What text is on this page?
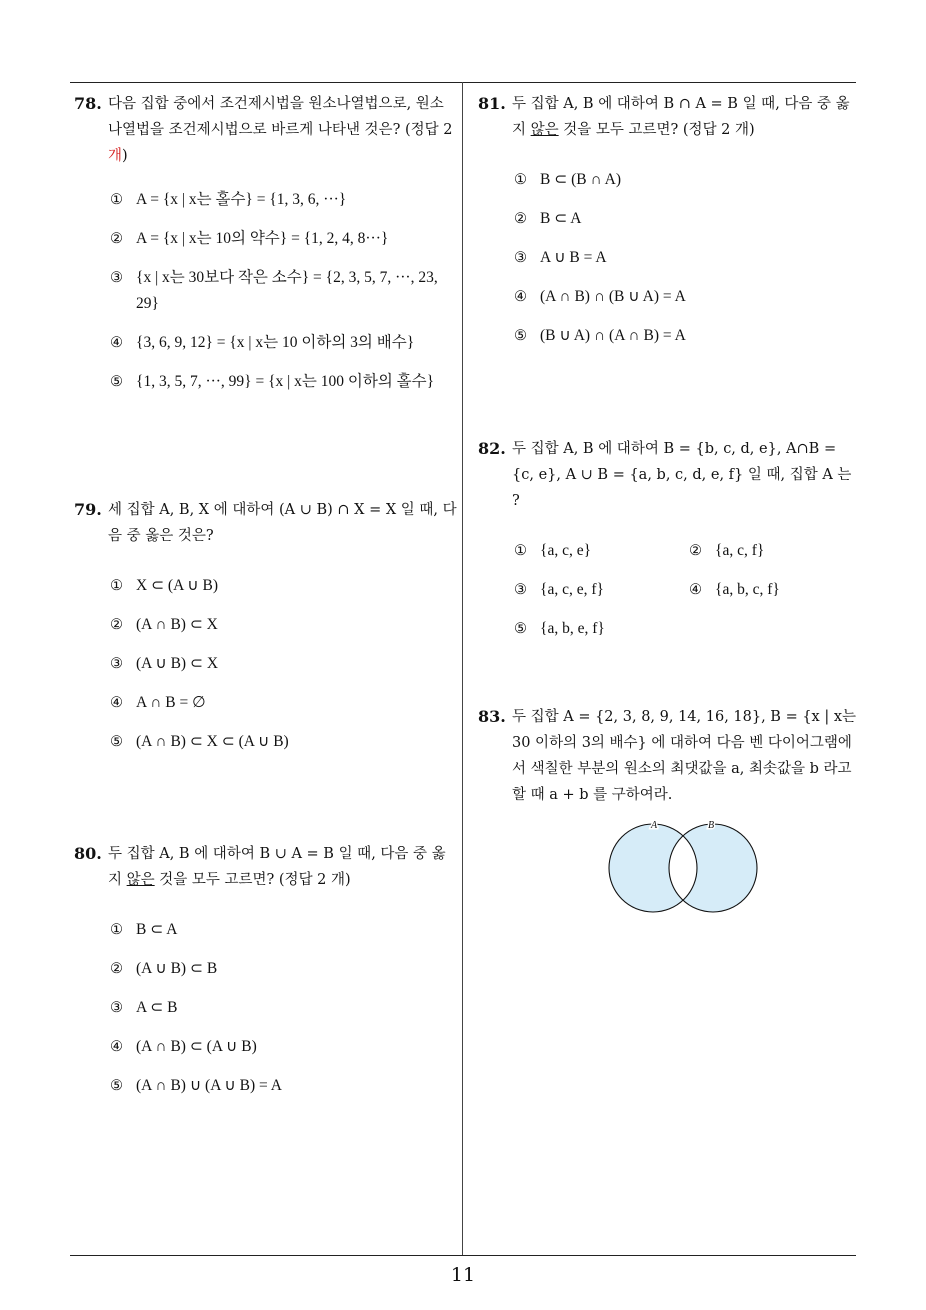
78. 다음 집합 중에서 조건제시법을 원소나열법으로, 원소 나열법을 조건제시법으로 바르게 나타낸 것은? (정답 2 개)

① A = {x | x는 홀수} = {1, 3, 6, ···}
② A = {x | x는 10의 약수} = {1, 2, 4, 8···}
③ {x | x는 30보다 작은 소수} = {2, 3, 5, 7, ···, 23, 29}
④ {3, 6, 9, 12} = {x | x는 10 이하의 3의 배수}
⑤ {1, 3, 5, 7, ···, 99} = {x | x는 100 이하의 홀수}
79. 세 집합 A, B, X 에 대하여 (A ∪ B) ∩ X = X 일 때, 다음 중 옳은 것은?

① X ⊂ (A ∪ B)
② (A ∩ B) ⊂ X
③ (A ∪ B) ⊂ X
④ A ∩ B = ∅
⑤ (A ∩ B) ⊂ X ⊂ (A ∪ B)
80. 두 집합 A, B 에 대하여 B ∪ A = B 일 때, 다음 중 옳지 않은 것을 모두 고르면? (정답 2 개)

① B ⊂ A
② (A ∪ B) ⊂ B
③ A ⊂ B
④ (A ∩ B) ⊂ (A ∪ B)
⑤ (A ∩ B) ∪ (A ∪ B) = A
81. 두 집합 A, B 에 대하여 B ∩ A = B 일 때, 다음 중 옳지 않은 것을 모두 고르면? (정답 2 개)

① B ⊂ (B ∩ A)
② B ⊂ A
③ A ∪ B = A
④ (A ∩ B) ∩ (B ∪ A) = A
⑤ (B ∪ A) ∩ (A ∩ B) = A
82. 두 집합 A, B 에 대하여 B = {b, c, d, e}, A∩B = {c, e}, A ∪ B = {a, b, c, d, e, f} 일 때, 집합 A 는 ?

① {a, c, e}	② {a, c, f}
③ {a, c, e, f}	④ {a, b, c, f}
⑤ {a, b, e, f}
83. 두 집합 A = {2, 3, 8, 9, 14, 16, 18}, B = {x | x는 30 이하의 3의 배수} 에 대하여 다음 벤 다이어그램에서 색칠한 부분의 원소의 최댓값을 a, 최솟값을 b 라고 할 때 a + b 를 구하여라.

A	B
11
